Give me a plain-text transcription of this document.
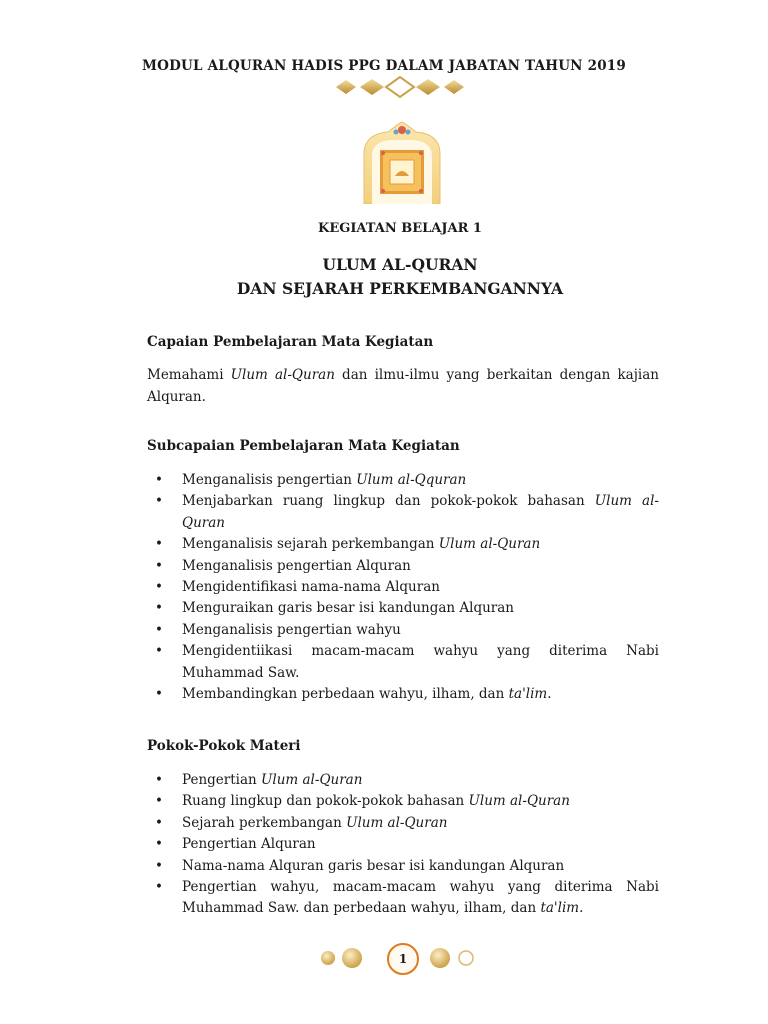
MODUL ALQURAN HADIS PPG DALAM JABATAN TAHUN 2019
KEGIATAN BELAJAR 1
ULUM AL-QURAN
DAN SEJARAH PERKEMBANGANNYA
Capaian Pembelajaran Mata Kegiatan
Memahami Ulum al-Quran dan ilmu-ilmu yang berkaitan dengan kajian Alquran.
Subcapaian Pembelajaran Mata Kegiatan
• Menganalisis pengertian Ulum al-Qquran
• Menjabarkan ruang lingkup dan pokok-pokok bahasan Ulum al-Quran
• Menganalisis sejarah perkembangan Ulum al-Quran
• Menganalisis pengertian Alquran
• Mengidentifikasi nama-nama Alquran
• Menguraikan garis besar isi kandungan Alquran
• Menganalisis pengertian wahyu
• Mengidentiikasi macam-macam wahyu yang diterima Nabi Muhammad Saw.
• Membandingkan perbedaan wahyu, ilham, dan ta'lim.
Pokok-Pokok Materi
• Pengertian Ulum al-Quran
• Ruang lingkup dan pokok-pokok bahasan Ulum al-Quran
• Sejarah perkembangan Ulum al-Quran
• Pengertian Alquran
• Nama-nama Alquran garis besar isi kandungan Alquran
• Pengertian wahyu, macam-macam wahyu yang diterima Nabi Muhammad Saw. dan perbedaan wahyu, ilham, dan ta'lim.
1
